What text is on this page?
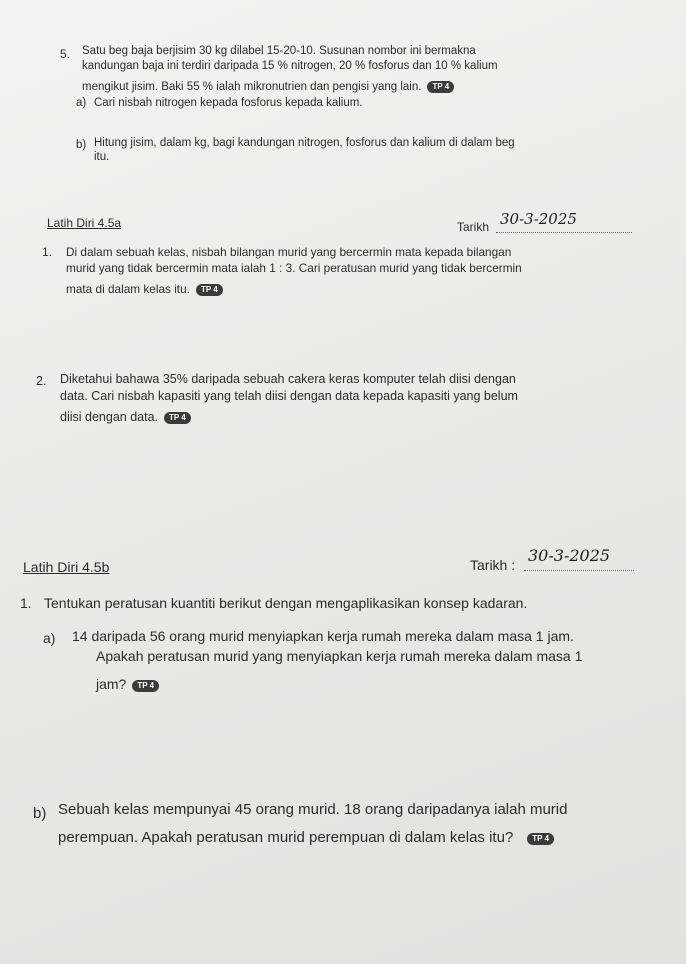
5. Satu beg baja berjisim 30 kg dilabel 15-20-10. Susunan nombor ini bermakna
kandungan baja ini terdiri daripada 15 % nitrogen, 20 % fosforus dan 10 % kalium
mengikut jisim. Baki 55 % ialah mikronutrien dan pengisi yang lain. TP 4
a) Cari nisbah nitrogen kepada fosforus kepada kalium.
b) Hitung jisim, dalam kg, bagi kandungan nitrogen, fosforus dan kalium di dalam beg
itu.
Latih Diri 4.5a	Tarikh 30-3-2025
1. Di dalam sebuah kelas, nisbah bilangan murid yang bercermin mata kepada bilangan
murid yang tidak bercermin mata ialah 1 : 3. Cari peratusan murid yang tidak bercermin
mata di dalam kelas itu. TP 4
2. Diketahui bahawa 35% daripada sebuah cakera keras komputer telah diisi dengan
data. Cari nisbah kapasiti yang telah diisi dengan data kepada kapasiti yang belum
diisi dengan data. TP 4
Latih Diri 4.5b	Tarikh : 30-3-2025
1. Tentukan peratusan kuantiti berikut dengan mengaplikasikan konsep kadaran.
a) 14 daripada 56 orang murid menyiapkan kerja rumah mereka dalam masa 1 jam.
Apakah peratusan murid yang menyiapkan kerja rumah mereka dalam masa 1
jam? TP 4
b) Sebuah kelas mempunyai 45 orang murid. 18 orang daripadanya ialah murid
perempuan. Apakah peratusan murid perempuan di dalam kelas itu? TP 4
